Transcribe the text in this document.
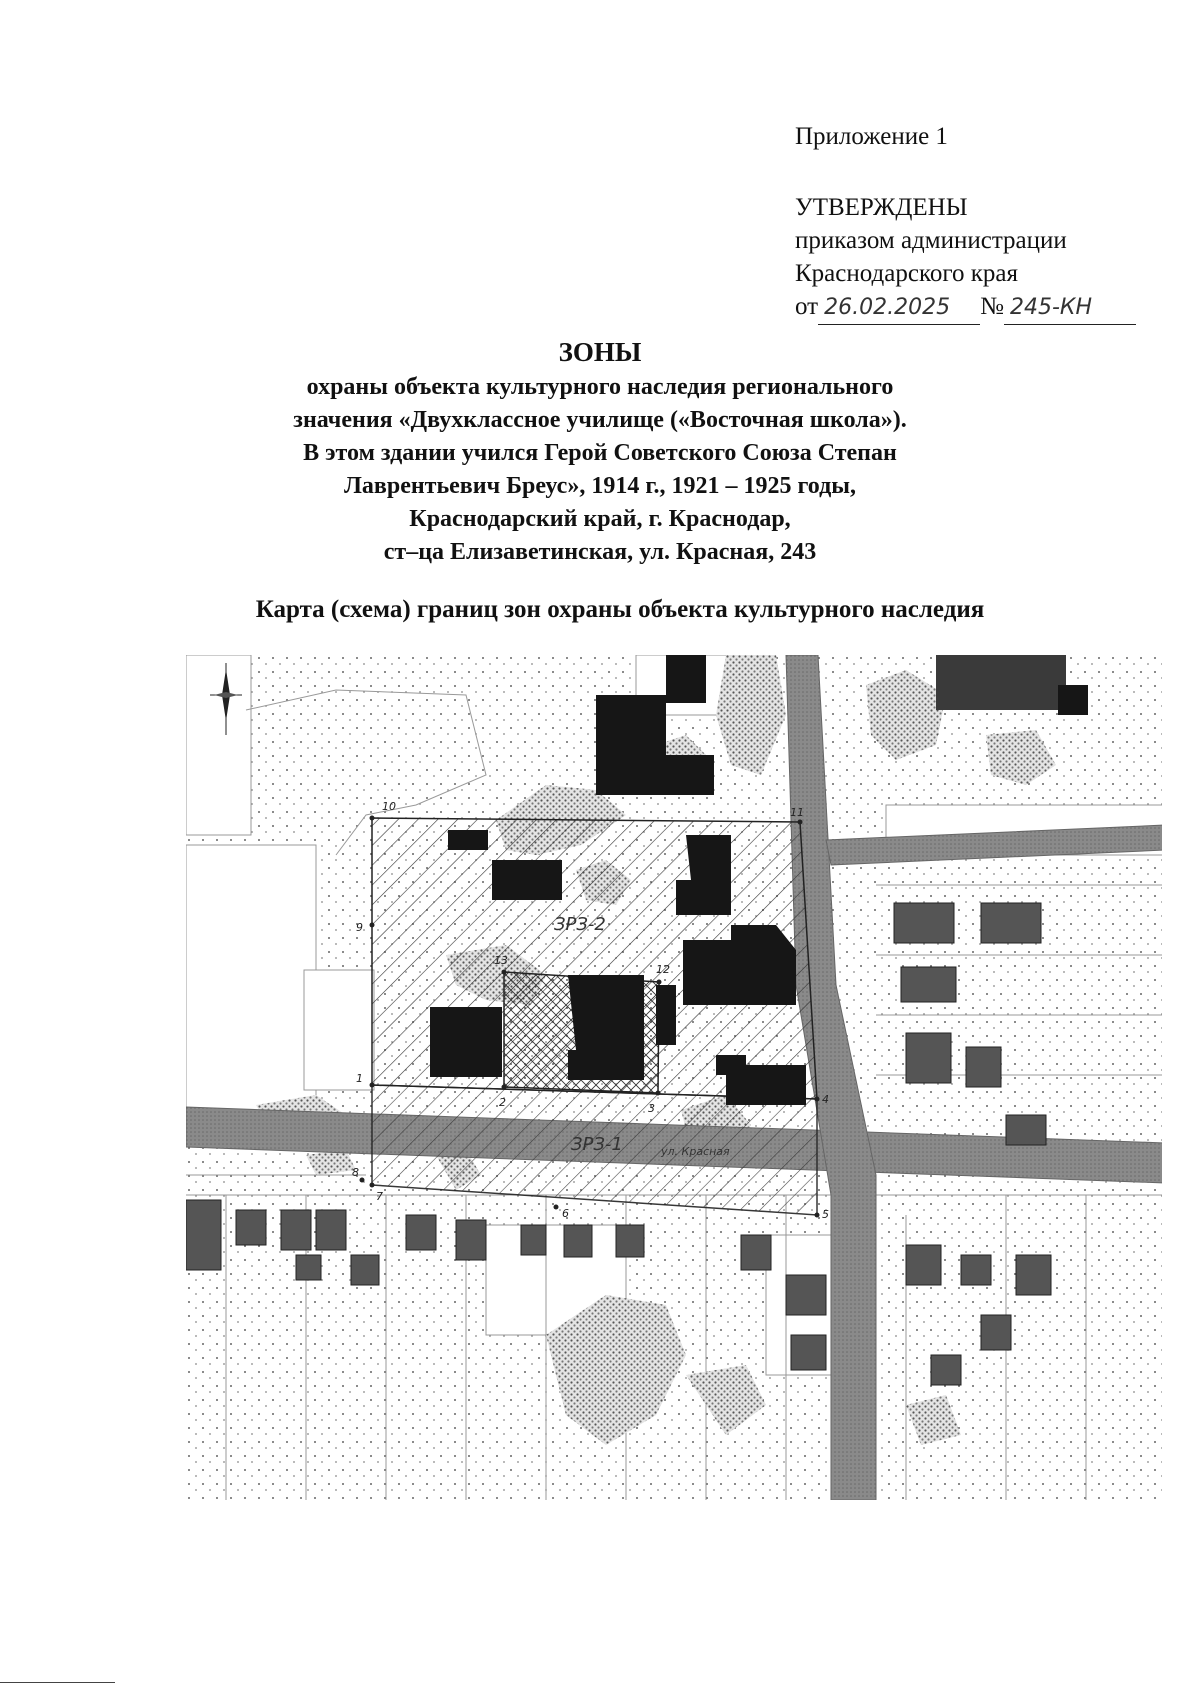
Приложение 1
УТВЕРЖДЕНЫ
приказом администрации
Краснодарского края
от 26.02.2025 № 245-КН
ЗОНЫ
охраны объекта культурного наследия регионального
значения «Двухклассное училище («Восточная школа»).
В этом здании учился Герой Советского Союза Степан
Лаврентьевич Бреус», 1914 г., 1921 – 1925 годы,
Краснодарский край, г. Краснодар,
ст–ца Елизаветинская, ул. Красная, 243
Карта (схема) границ зон охраны объекта культурного наследия
1
2	3
4
5
6
7
8
9
10	11
12
13
ЗРЗ-2
ЗРЗ-1	ул. Красная
